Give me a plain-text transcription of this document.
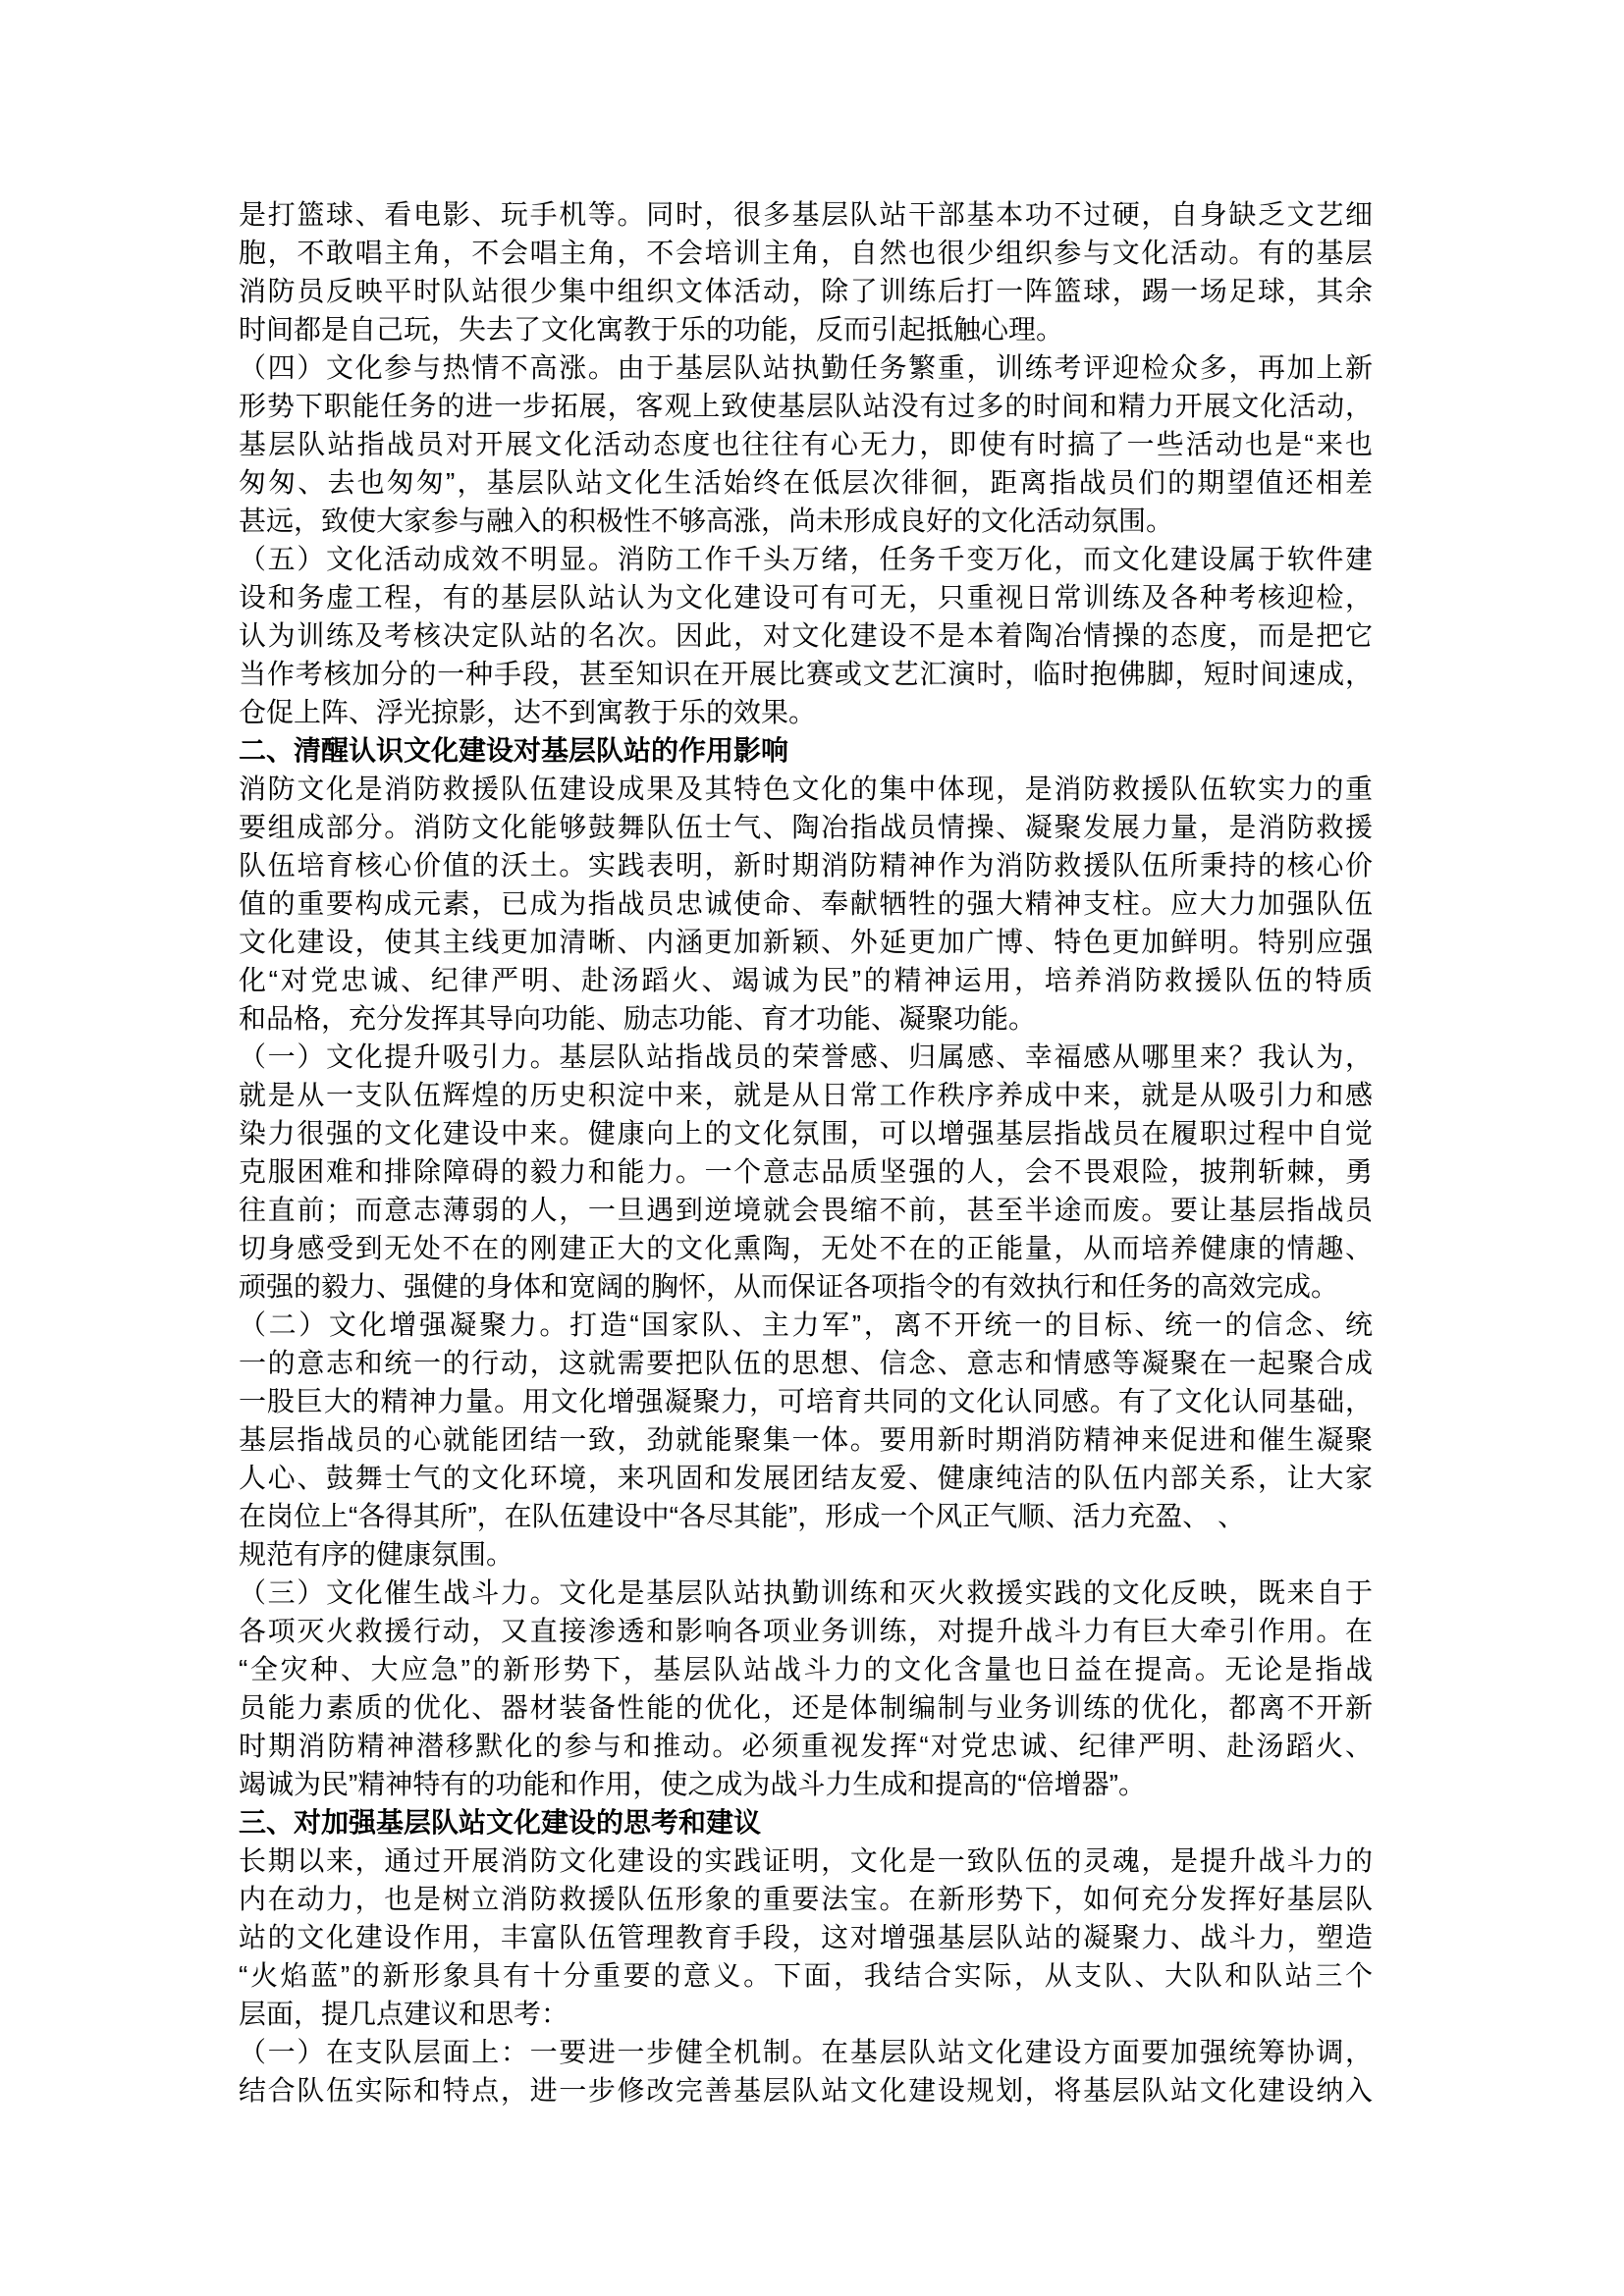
是打篮球、看电影、玩手机等。同时，很多基层队站干部基本功不过硬，自身缺乏文艺细
胞，不敢唱主角，不会唱主角，不会培训主角，自然也很少组织参与文化活动。有的基层
消防员反映平时队站很少集中组织文体活动，除了训练后打一阵篮球，踢一场足球，其余
时间都是自己玩，失去了文化寓教于乐的功能，反而引起抵触心理。
（四）文化参与热情不高涨。由于基层队站执勤任务繁重，训练考评迎检众多，再加上新
形势下职能任务的进一步拓展，客观上致使基层队站没有过多的时间和精力开展文化活动，
基层队站指战员对开展文化活动态度也往往有心无力，即使有时搞了一些活动也是“来也
匆匆、去也匆匆”，基层队站文化生活始终在低层次徘徊，距离指战员们的期望值还相差
甚远，致使大家参与融入的积极性不够高涨，尚未形成良好的文化活动氛围。
（五）文化活动成效不明显。消防工作千头万绪，任务千变万化，而文化建设属于软件建
设和务虚工程，有的基层队站认为文化建设可有可无，只重视日常训练及各种考核迎检，
认为训练及考核决定队站的名次。因此，对文化建设不是本着陶冶情操的态度，而是把它
当作考核加分的一种手段，甚至知识在开展比赛或文艺汇演时，临时抱佛脚，短时间速成，
仓促上阵、浮光掠影，达不到寓教于乐的效果。
二、清醒认识文化建设对基层队站的作用影响
消防文化是消防救援队伍建设成果及其特色文化的集中体现，是消防救援队伍软实力的重
要组成部分。消防文化能够鼓舞队伍士气、陶冶指战员情操、凝聚发展力量，是消防救援
队伍培育核心价值的沃土。实践表明，新时期消防精神作为消防救援队伍所秉持的核心价
值的重要构成元素，已成为指战员忠诚使命、奉献牺牲的强大精神支柱。应大力加强队伍
文化建设，使其主线更加清晰、内涵更加新颖、外延更加广博、特色更加鲜明。特别应强
化“对党忠诚、纪律严明、赴汤蹈火、竭诚为民”的精神运用，培养消防救援队伍的特质
和品格，充分发挥其导向功能、励志功能、育才功能、凝聚功能。
（一）文化提升吸引力。基层队站指战员的荣誉感、归属感、幸福感从哪里来？我认为，
就是从一支队伍辉煌的历史积淀中来，就是从日常工作秩序养成中来，就是从吸引力和感
染力很强的文化建设中来。健康向上的文化氛围，可以增强基层指战员在履职过程中自觉
克服困难和排除障碍的毅力和能力。一个意志品质坚强的人，会不畏艰险，披荆斩棘，勇
往直前；而意志薄弱的人，一旦遇到逆境就会畏缩不前，甚至半途而废。要让基层指战员
切身感受到无处不在的刚建正大的文化熏陶，无处不在的正能量，从而培养健康的情趣、
顽强的毅力、强健的身体和宽阔的胸怀，从而保证各项指令的有效执行和任务的高效完成。
（二）文化增强凝聚力。打造“国家队、主力军”，离不开统一的目标、统一的信念、统
一的意志和统一的行动，这就需要把队伍的思想、信念、意志和情感等凝聚在一起聚合成
一股巨大的精神力量。用文化增强凝聚力，可培育共同的文化认同感。有了文化认同基础，
基层指战员的心就能团结一致，劲就能聚集一体。要用新时期消防精神来促进和催生凝聚
人心、鼓舞士气的文化环境，来巩固和发展团结友爱、健康纯洁的队伍内部关系，让大家
在岗位上“各得其所”，在队伍建设中“各尽其能”，形成一个风正气顺、活力充盈、 、
规范有序的健康氛围。
（三）文化催生战斗力。文化是基层队站执勤训练和灭火救援实践的文化反映，既来自于
各项灭火救援行动，又直接渗透和影响各项业务训练，对提升战斗力有巨大牵引作用。在
“全灾种、大应急”的新形势下，基层队站战斗力的文化含量也日益在提高。无论是指战
员能力素质的优化、器材装备性能的优化，还是体制编制与业务训练的优化，都离不开新
时期消防精神潜移默化的参与和推动。必须重视发挥“对党忠诚、纪律严明、赴汤蹈火、
竭诚为民”精神特有的功能和作用，使之成为战斗力生成和提高的“倍增器”。
三、对加强基层队站文化建设的思考和建议
长期以来，通过开展消防文化建设的实践证明，文化是一致队伍的灵魂，是提升战斗力的
内在动力，也是树立消防救援队伍形象的重要法宝。在新形势下，如何充分发挥好基层队
站的文化建设作用，丰富队伍管理教育手段，这对增强基层队站的凝聚力、战斗力，塑造
“火焰蓝”的新形象具有十分重要的意义。下面，我结合实际，从支队、大队和队站三个
层面，提几点建议和思考：
（一）在支队层面上：一要进一步健全机制。在基层队站文化建设方面要加强统筹协调，
结合队伍实际和特点，进一步修改完善基层队站文化建设规划，将基层队站文化建设纳入
